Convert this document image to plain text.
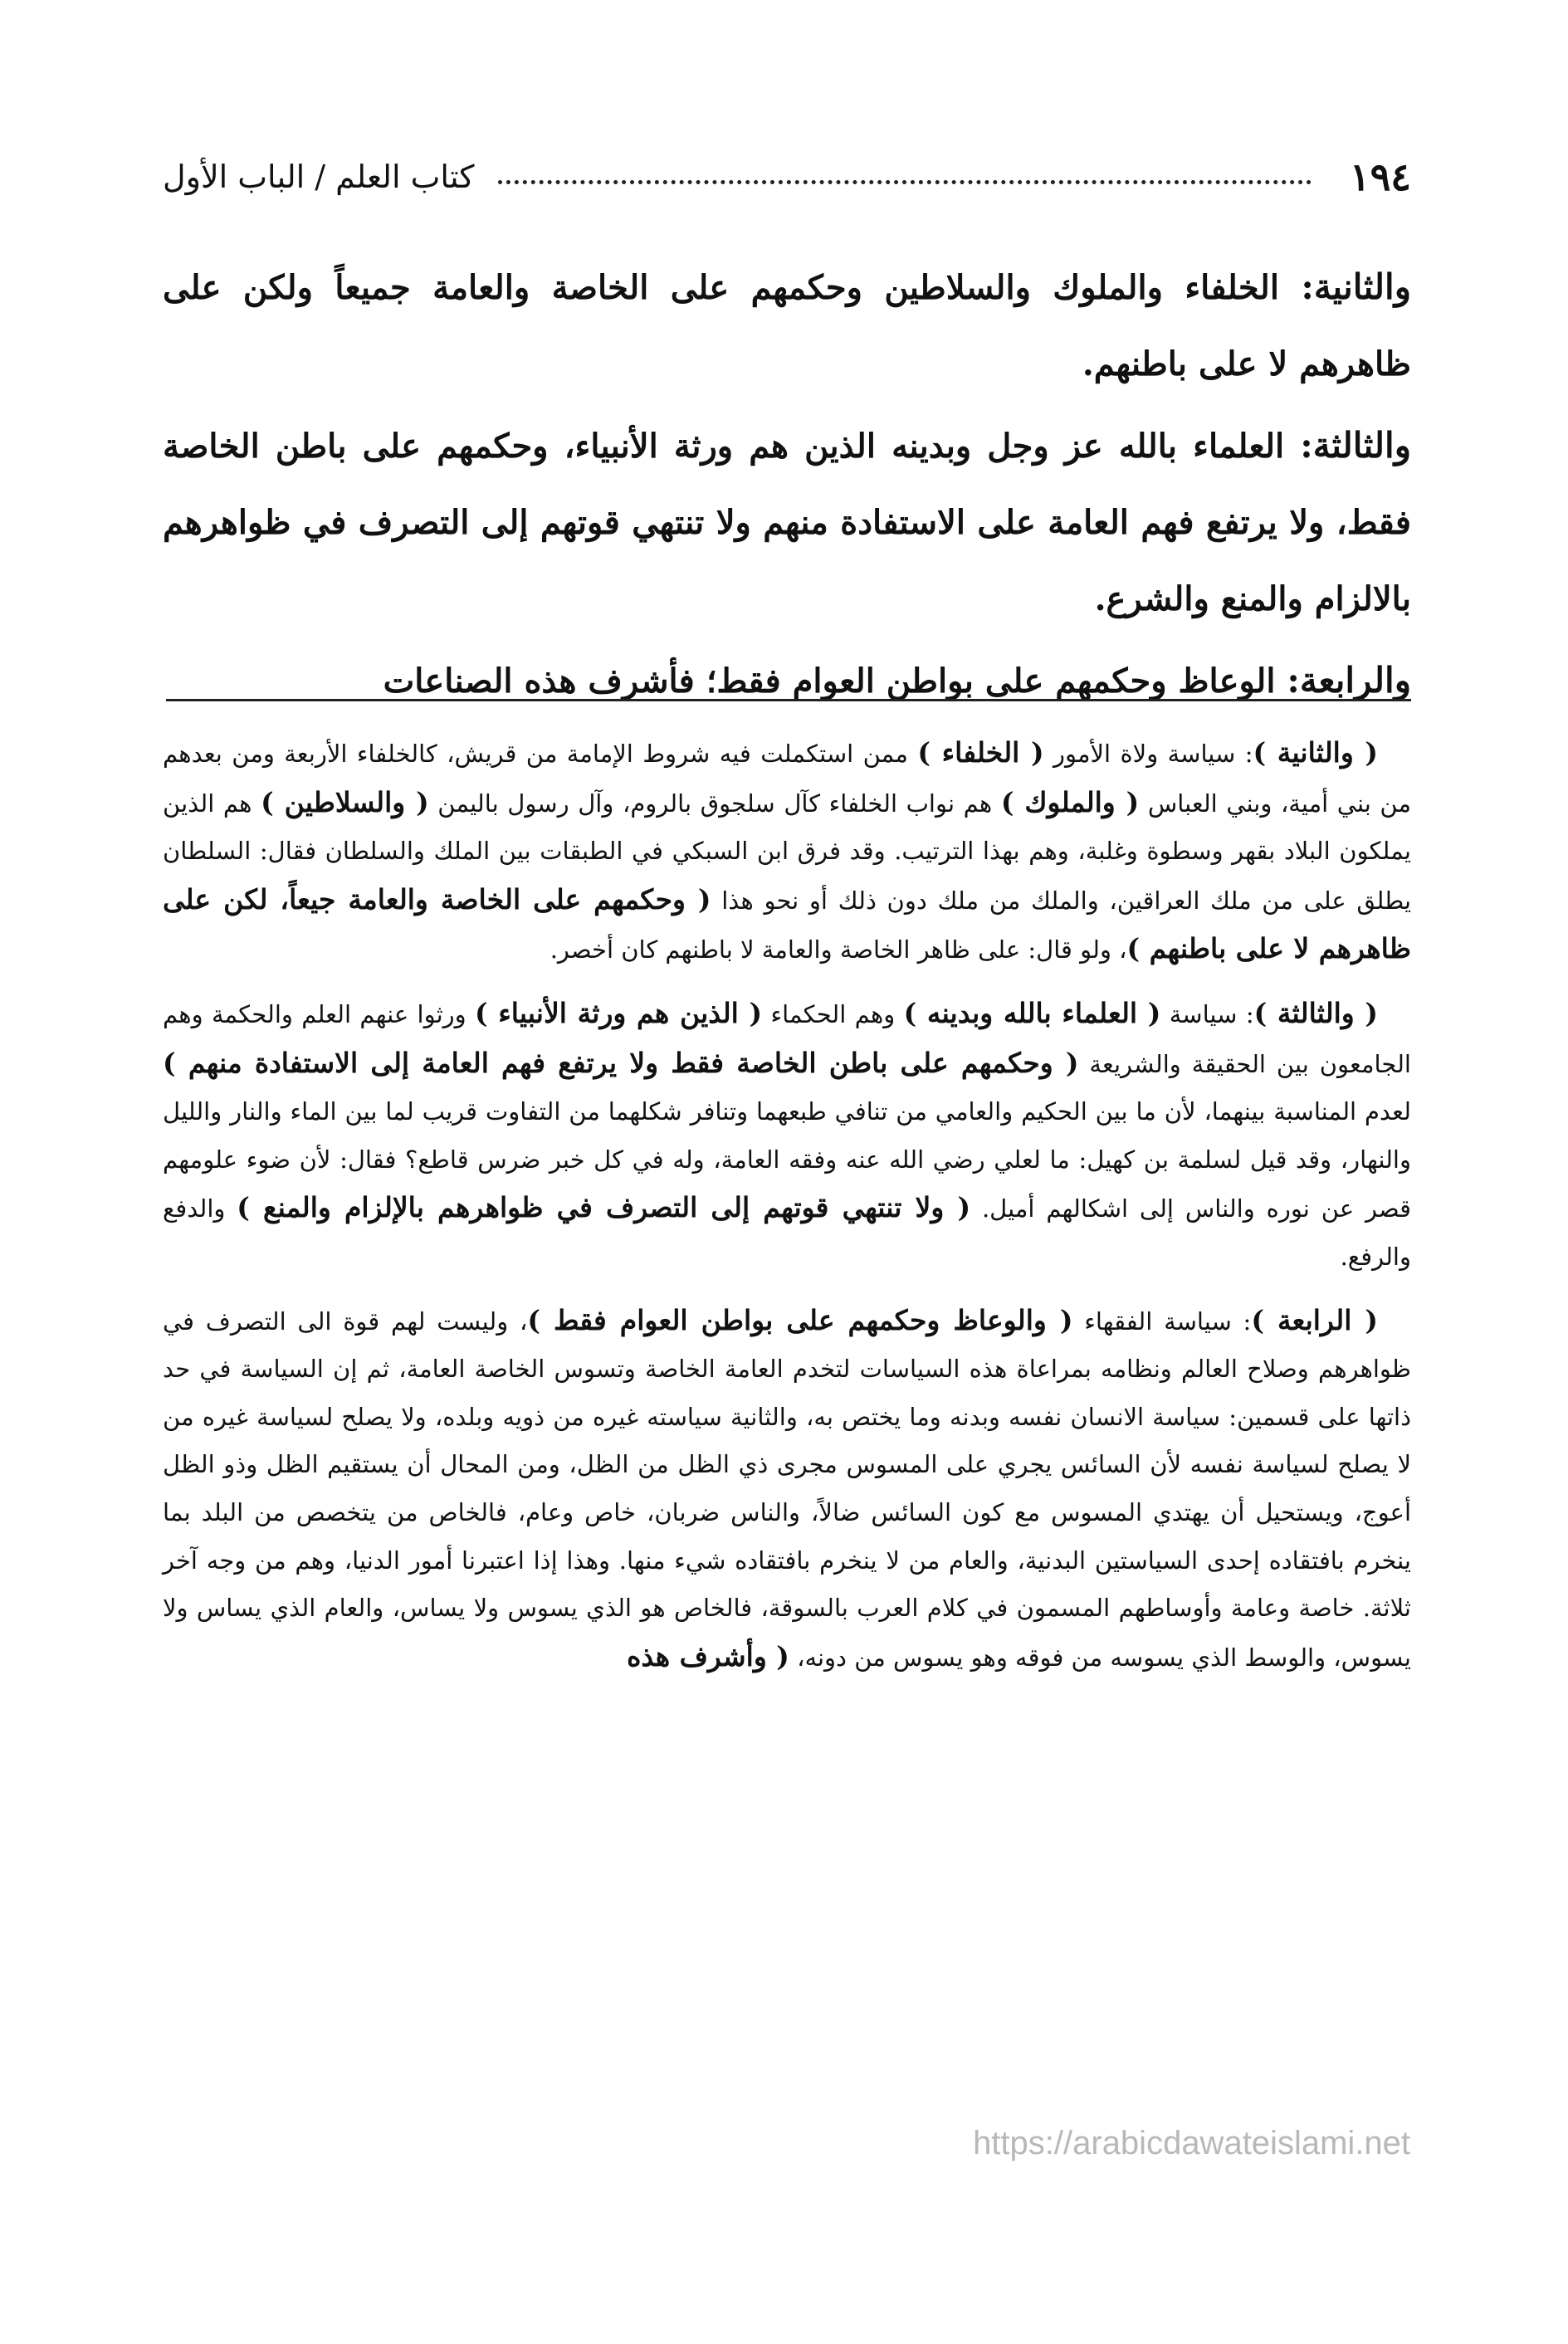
١٩٤
كتاب العلم / الباب الأول

والثانية: الخلفاء والملوك والسلاطين وحكمهم على الخاصة والعامة جميعاً ولكن على ظاهرهم لا على باطنهم.

والثالثة: العلماء بالله عز وجل وبدينه الذين هم ورثة الأنبياء، وحكمهم على باطن الخاصة فقط، ولا يرتفع فهم العامة على الاستفادة منهم ولا تنتهي قوتهم إلى التصرف في ظواهرهم بالالزام والمنع والشرع.

والرابعة: الوعاظ وحكمهم على بواطن العوام فقط؛ فأشرف هذه الصناعات

( والثانية ): سياسة ولاة الأمور ( الخلفاء ) ممن استكملت فيه شروط الإمامة من قريش، كالخلفاء الأربعة ومن بعدهم من بني أمية، وبني العباس ( والملوك ) هم نواب الخلفاء كآل سلجوق بالروم، وآل رسول باليمن ( والسلاطين ) هم الذين يملكون البلاد بقهر وسطوة وغلبة، وهم بهذا الترتيب. وقد فرق ابن السبكي في الطبقات بين الملك والسلطان فقال: السلطان يطلق على من ملك العراقين، والملك من ملك دون ذلك أو نحو هذا ( وحكمهم على الخاصة والعامة جيعاً، لكن على ظاهرهم لا على باطنهم )، ولو قال: على ظاهر الخاصة والعامة لا باطنهم كان أخصر.

( والثالثة ): سياسة ( العلماء بالله وبدينه ) وهم الحكماء ( الذين هم ورثة الأنبياء ) ورثوا عنهم العلم والحكمة وهم الجامعون بين الحقيقة والشريعة ( وحكمهم على باطن الخاصة فقط ولا يرتفع فهم العامة إلى الاستفادة منهم ) لعدم المناسبة بينهما، لأن ما بين الحكيم والعامي من تنافي طبعهما وتنافر شكلهما من التفاوت قريب لما بين الماء والنار والليل والنهار، وقد قيل لسلمة بن كهيل: ما لعلي رضي الله عنه وفقه العامة، وله في كل خبر ضرس قاطع؟ فقال: لأن ضوء علومهم قصر عن نوره والناس إلى اشكالهم أميل. ( ولا تنتهي قوتهم إلى التصرف في ظواهرهم بالإلزام والمنع ) والدفع والرفع.

( الرابعة ): سياسة الفقهاء ( والوعاظ وحكمهم على بواطن العوام فقط )، وليست لهم قوة الى التصرف في ظواهرهم وصلاح العالم ونظامه بمراعاة هذه السياسات لتخدم العامة الخاصة وتسوس الخاصة العامة، ثم إن السياسة في حد ذاتها على قسمين: سياسة الانسان نفسه وبدنه وما يختص به، والثانية سياسته غيره من ذويه وبلده، ولا يصلح لسياسة غيره من لا يصلح لسياسة نفسه لأن السائس يجري على المسوس مجرى ذي الظل من الظل، ومن المحال أن يستقيم الظل وذو الظل أعوج، ويستحيل أن يهتدي المسوس مع كون السائس ضالاً، والناس ضربان، خاص وعام، فالخاص من يتخصص من البلد بما ينخرم بافتقاده إحدى السياستين البدنية، والعام من لا ينخرم بافتقاده شيء منها. وهذا إذا اعتبرنا أمور الدنيا، وهم من وجه آخر ثلاثة. خاصة وعامة وأوساطهم المسمون في كلام العرب بالسوقة، فالخاص هو الذي يسوس ولا يساس، والعام الذي يساس ولا يسوس، والوسط الذي يسوسه من فوقه وهو يسوس من دونه، ( وأشرف هذه

https://arabicdawateislami.net
